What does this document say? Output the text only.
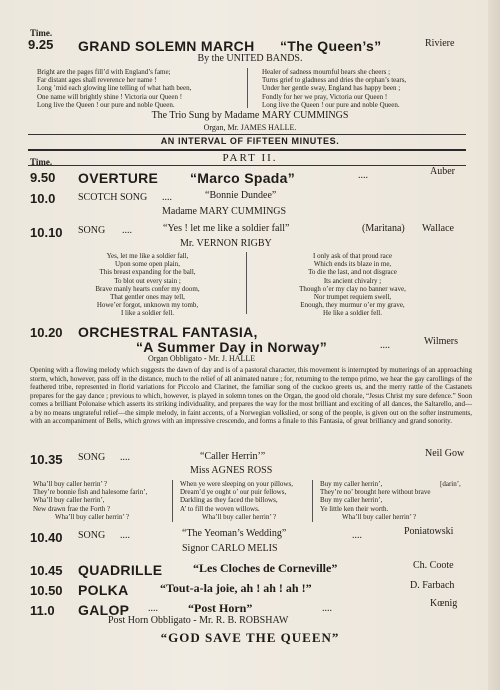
Time.
9.25 GRAND SOLEMN MARCH “The Queen’s”	Riviere
By the UNITED BANDS.
Bright are the pages fill’d with England’s fame;
Far distant ages shall reverence her name !
Long ’mid each glowing line telling of what hath been,
One name will brightly shine ! Victoria our Queen !
Long live the Queen ! our pure and noble Queen.
Healer of sadness mournful hears she cheers ;
Turns grief to gladness and dries the orphan’s tears,
Under her gentle sway, England has happy been ;
Fondly for her we pray, Victoria our Queen !
Long live the Queen ! our pure and noble Queen.
The Trio Sung by Madame MARY CUMMINGS
Organ, Mr. JAMES HALLE.
AN INTERVAL OF FIFTEEN MINUTES.
Time.	PART II.
9.50 OVERTURE “Marco Spada”	....	Auber
10.0 SCOTCH SONG ....	“Bonnie Dundee”
Madame MARY CUMMINGS
10.10 SONG ....	“Yes ! let me like a soldier fall”	(Maritana) Wallace
Mr. VERNON RIGBY
Yes, let me like a soldier fall,
Upon some open plain,
This breast expanding for the ball,
To blot out every stain ;
Brave manly hearts confer my doom,
That gentler ones may tell,
Howe’er forgot, unknown my tomb,
I like a soldier fell.
I only ask of that proud race
Which ends its blaze in me,
To die the last, and not disgrace
Its ancient chivalry ;
Though o’er my clay no banner wave,
Nor trumpet requiem swell,
Enough, they murmur o’er my grave,
He like a soldier fell.
10.20 ORCHESTRAL FANTASIA,
“A Summer Day in Norway”	....	Wilmers
Organ Obbligato - Mr. J. HALLE
Opening with a flowing melody which suggests the dawn of day and is of a pastoral character, this movement is interrupted by mutterings of an approaching storm, which, however, pass off in the distance, much to the relief of all animated nature ; for, returning to the tempo primo, we hear the gay carollings of the feathered tribe, represented in florid variations for Piccolo and Clarinet, the familiar song of the cuckoo greets us, and the merry rattle of the Castanets prepares for the gay dance ; previous to which, however, is played in solemn tones on the Organ, the good old chorale, “Jesus Christ my sure defence.” Soon comes a brilliant Polonaise which asserts its striking individuality, and prepares the way for the most brilliant and exciting of all dances, the Saltarello, and—a by no means ungrateful relief—the simple melody, in faint accents, of a Norwegian volkslied, or song of the people, is given out on the softer instruments, with an accompaniment of Bells, which grows with an impressive crescendo, and forms a finale to this Fantasia, of great brilliancy and grand sonority.
10.35 SONG ....	“Caller Herrin’”	Neil Gow
Miss AGNES ROSS
Wha’ll buy caller herrin’ ?
They’re bonnie fish and halesome farin’,
Wha’ll buy caller herrin’,
New drawn frae the Forth ?
Wha’ll buy caller herrin’ ?
When ye were sleeping on your pillows,
Dream’d ye ought o’ our puir fellows,
Darkling as they faced the billows,
A’ to fill the woven willows.
Wha’ll buy caller herrin’ ?
Buy my caller herrin’,
They’re no’ brought here without brave
Buy my caller herrin’,
Ye little ken their worth.
Wha’ll buy caller herrin’ ?
[darin’,
10.40 SONG ....	“The Yeoman’s Wedding”	....	Poniatowski
Signor CARLO MELIS
10.45 QUADRILLE	“Les Cloches de Corneville”	Ch. Coote
10.50 POLKA	“Tout-a-la joie, ah ! ah ! ah !”	D. Farbach
11.0 GALOP ....	“Post Horn”	....	Kœnig
Post Horn Obbligato - Mr. R. B. ROBSHAW
“GOD SAVE THE QUEEN”
